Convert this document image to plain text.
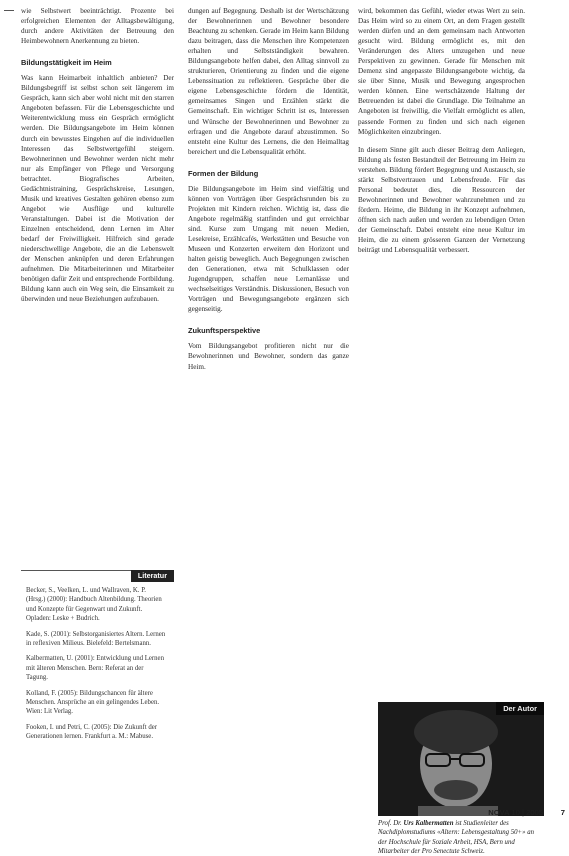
wie Selbstwert beeinträchtigt. Prozente bei erfolgreichen Elementen der Alltagsbewältigung, durch andere Aktivitäten der Betreuung den Heimbewohnern Anerkennung zu bieten.

Bildungstätigkeit im Heim

Was kann Heimarbeit inhaltlich anbieten? Der Bildungsbegriff ist selbst schon seit längerem im Gespräch, kann sich aber wohl nicht mit den starren Angeboten befassen. Für die Lebensgeschichte und Weiterentwicklung muss ein Gespräch ermöglicht werden. Die Bildungsangebote im Heim können durch ein bewusstes Eingehen auf die individuellen Interessen das Selbstwertgefühl steigern. Bewohnerinnen und Bewohner werden nicht mehr nur als Empfänger von Pflege und Versorgung betrachtet. Biografisches Arbeiten, Gedächtnistraining, Gesprächskreise, Lesungen, Musik und kreatives Gestalten gehören ebenso zum Angebot wie Ausflüge und kulturelle Veranstaltungen. Dabei ist die Motivation der Einzelnen entscheidend, denn Lernen im Alter bedarf der Freiwilligkeit. Hilfreich sind gerade niederschwellige Angebote, die an die Lebenswelt der Menschen anknüpfen und deren Erfahrungen aufnehmen. Die Mitarbeiterinnen und Mitarbeiter benötigen dafür Zeit und entsprechende Fortbildung. Bildung kann auch ein Weg sein, die Einsamkeit zu überwinden und neue Beziehungen aufzubauen.

Literatur

Becker, S., Veelken, L. und Wallraven, K. P. (Hrsg.) (2000): Handbuch Altenbildung. Theorien und Konzepte für Gegenwart und Zukunft. Opladen: Leske + Budrich.

Kade, S. (2001): Selbstorganisiertes Altern. Lernen in reflexiven Milieus. Bielefeld: Bertelsmann.

Kalbermatten, U. (2001): Entwicklung und Lernen mit älteren Menschen. Bern: Referat an der Tagung.

Kolland, F. (2005): Bildungschancen für ältere Menschen. Ansprüche an ein gelingendes Leben. Wien: Lit Verlag.

Fooken, I. und Petri, C. (2005): Die Zukunft der Generationen lernen. Frankfurt a. M.: Mabuse.

dungen auf Begegnung. Deshalb ist der Wertschätzung der Bewohnerinnen und Bewohner besondere Beachtung zu schenken. Gerade im Heim kann Bildung dazu beitragen, dass die Menschen ihre Kompetenzen erhalten und Selbstständigkeit bewahren. Bildungsangebote helfen dabei, den Alltag sinnvoll zu strukturieren, Orientierung zu finden und die eigene Lebenssituation zu reflektieren. Gespräche über die eigene Lebensgeschichte fördern die Identität, gemeinsames Singen und Erzählen stärkt die Gemeinschaft. Ein wichtiger Schritt ist es, Interessen und Wünsche der Bewohnerinnen und Bewohner zu erfragen und die Angebote darauf abzustimmen. So entsteht eine Kultur des Lernens, die den Heimalltag bereichert und die Lebensqualität erhöht.

Formen der Bildung

Die Bildungsangebote im Heim sind vielfältig und können von Vorträgen über Gesprächsrunden bis zu Projekten mit Kindern reichen. Wichtig ist, dass die Angebote regelmäßig stattfinden und gut erreichbar sind. Kurse zum Umgang mit neuen Medien, Lesekreise, Erzählcafés, Werkstätten und Besuche von Museen und Konzerten erweitern den Horizont und halten geistig beweglich. Auch Begegnungen zwischen den Generationen, etwa mit Schulklassen oder Jugendgruppen, schaffen neue Lernanlässe und wechselseitiges Verständnis. Diskussionen, Besuch von Vorträgen und Bewegungsangebote ergänzen sich gegenseitig.

Zukunftsperspektive

Vom Bildungsangebot profitieren nicht nur die Bewohnerinnen und Bewohner, sondern das ganze Heim.

wird, bekommen das Gefühl, wieder etwas Wert zu sein. Das Heim wird so zu einem Ort, an dem Fragen gestellt werden dürfen und an dem gemeinsam nach Antworten gesucht wird. Bildung ermöglicht es, mit den Veränderungen des Alters umzugehen und neue Perspektiven zu gewinnen. Gerade für Menschen mit Demenz sind angepasste Bildungsangebote wichtig, da sie über Sinne, Musik und Bewegung angesprochen werden können. Eine wertschätzende Haltung der Betreuenden ist dabei die Grundlage. Die Teilnahme an Angeboten ist freiwillig, die Vielfalt ermöglicht es allen, passende Formen zu finden und sich nach eigenen Möglichkeiten einzubringen.

In diesem Sinne gilt auch dieser Beitrag dem Anliegen, Bildung als festen Bestandteil der Betreuung im Heim zu verstehen. Bildung fördert Begegnung und Austausch, sie stärkt Selbstvertrauen und Lebensfreude. Für das Personal bedeutet dies, die Ressourcen der Bewohnerinnen und Bewohner wahrzunehmen und zu fördern. Heime, die Bildung in ihr Konzept aufnehmen, öffnen sich nach außen und werden zu lebendigen Orten der Gemeinschaft. Dabei entsteht eine neue Kultur im Heim, die zu einem grösseren Ganzen der Vernetzung beiträgt und Lebensqualität verbessert.

Der Autor
Prof. Dr. Urs Kalbermatten ist Studienleiter des Nachdiplomstudiums «Altern: Lebensgestaltung 50+» an der Hochschule für Soziale Arbeit, HSA, Bern und Mitarbeiter der Pro Senectute Schweiz.
NOVA 10 | 2005 7
